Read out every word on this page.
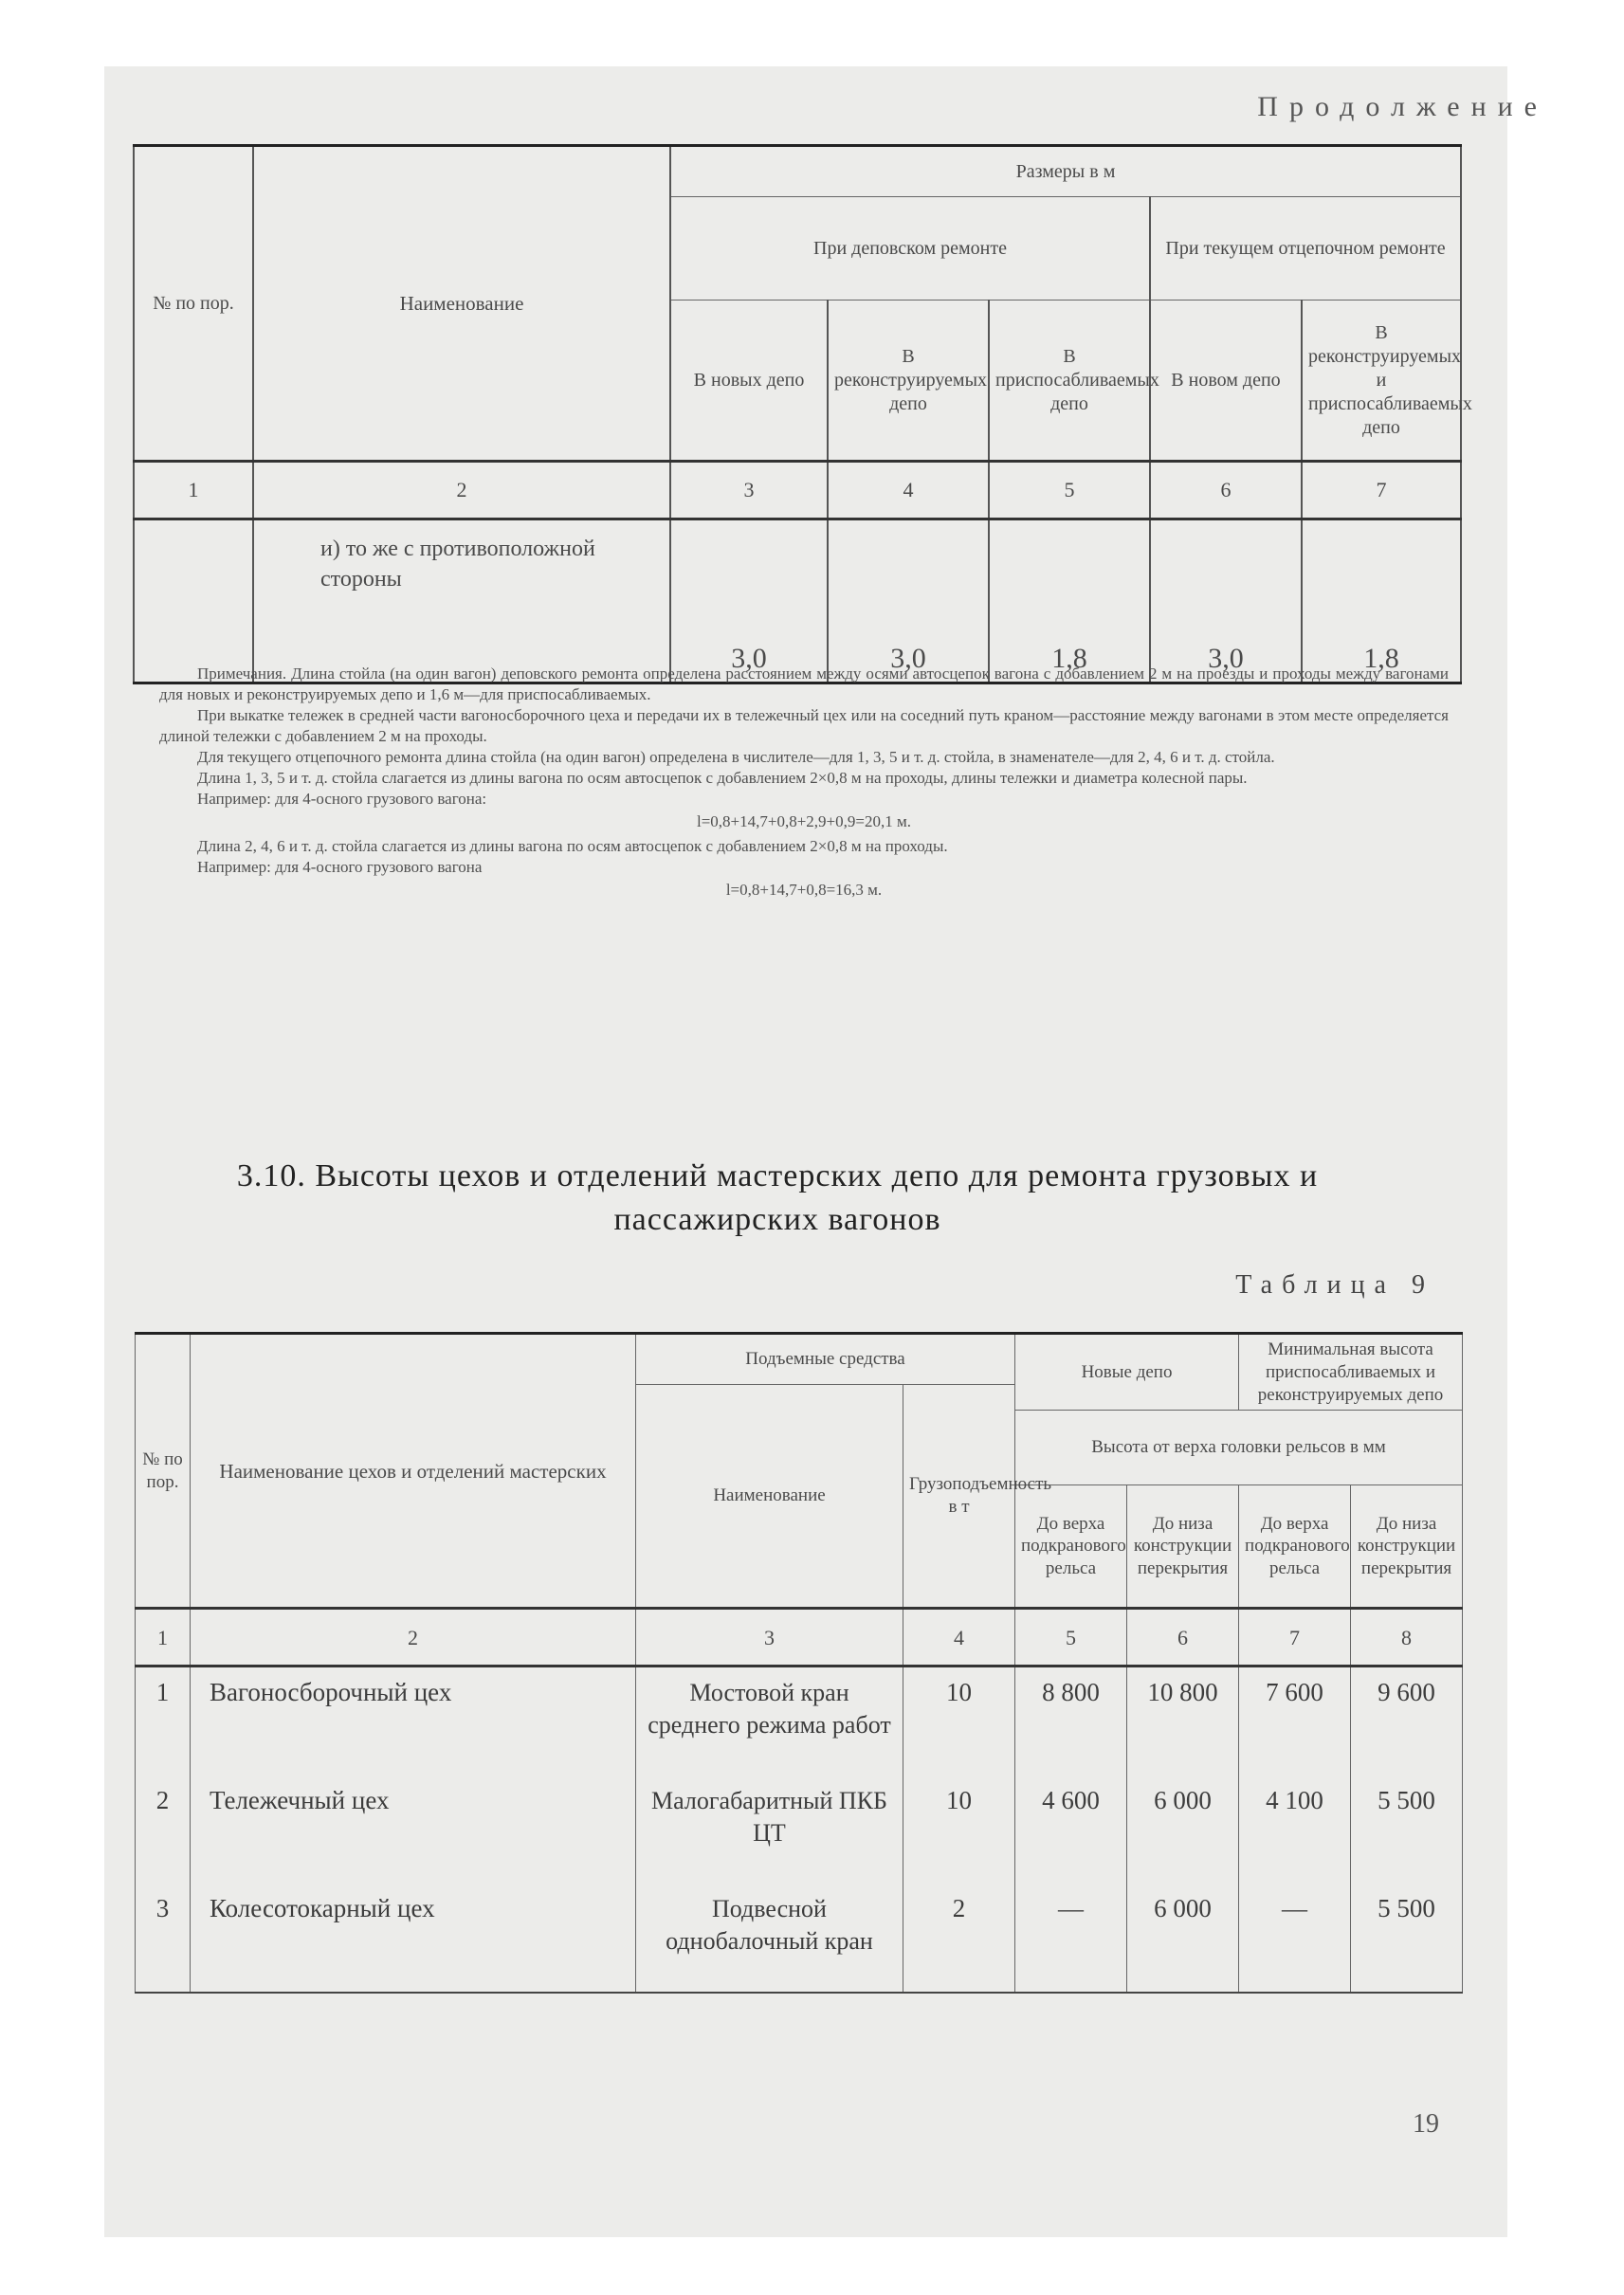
Продолжение
№ по пор.	Наименование	Размеры в м				
		При деповском ремонте			При текущем отцепочном ремонте	
		В новых депо	В реконструируемых депо	В приспосабливаемых депо	В новом депо	В реконструируемых и приспосабливаемых депо
1	2	3	4	5	6	7
	и) то же с противоположной стороны	3,0	3,0	1,8	3,0	1,8

Примечания. Длина стойла (на один вагон) деповского ремонта определена расстоянием между осями автосцепок вагона с добавлением 2 м на проезды и проходы между вагонами для новых и реконструируемых депо и 1,6 м—для приспосабливаемых.

При выкатке тележек в средней части вагоносборочного цеха и передачи их в тележечный цех или на соседний путь краном—расстояние между вагонами в этом месте определяется длиной тележки с добавлением 2 м на проходы.

Для текущего отцепочного ремонта длина стойла (на один вагон) определена в числителе—для 1, 3, 5 и т. д. стойла, в знаменателе—для 2, 4, 6 и т. д. стойла.

Длина 1, 3, 5 и т. д. стойла слагается из длины вагона по осям автосцепок с добавлением 2×0,8 м на проходы, длины тележки и диаметра колесной пары.

Например: для 4-осного грузового вагона:

l=0,8+14,7+0,8+2,9+0,9=20,1 м.

Длина 2, 4, 6 и т. д. стойла слагается из длины вагона по осям автосцепок с добавлением 2×0,8 м на проходы.

Например: для 4-осного грузового вагона

l=0,8+14,7+0,8=16,3 м.

3.10. Высоты цехов и отделений мастерских депо для ремонта грузовых и пассажирских вагонов
Таблица 9
№ по пор.	Наименование цехов и отделений мастерских	Подъемные средства		Новые депо		Минимальная высота приспосабливаемых и реконструируемых депо	
		Наименование	Грузоподъемность в т				
				Высота от верха головки рельсов в мм			
				До верха подкранового рельса	До низа конструкции перекрытия	До верха подкранового рельса	До низа конструкции перекрытия
1	2	3	4	5	6	7	8
1	Вагоносборочный цех	Мостовой кран среднего режима работ	10	8 800	10 800	7 600	9 600
2	Тележечный цех	Малогабаритный ПКБ ЦТ	10	4 600	6 000	4 100	5 500
3	Колесотокарный цех	Подвесной однобалочный кран	2	—	6 000	—	5 500
19
